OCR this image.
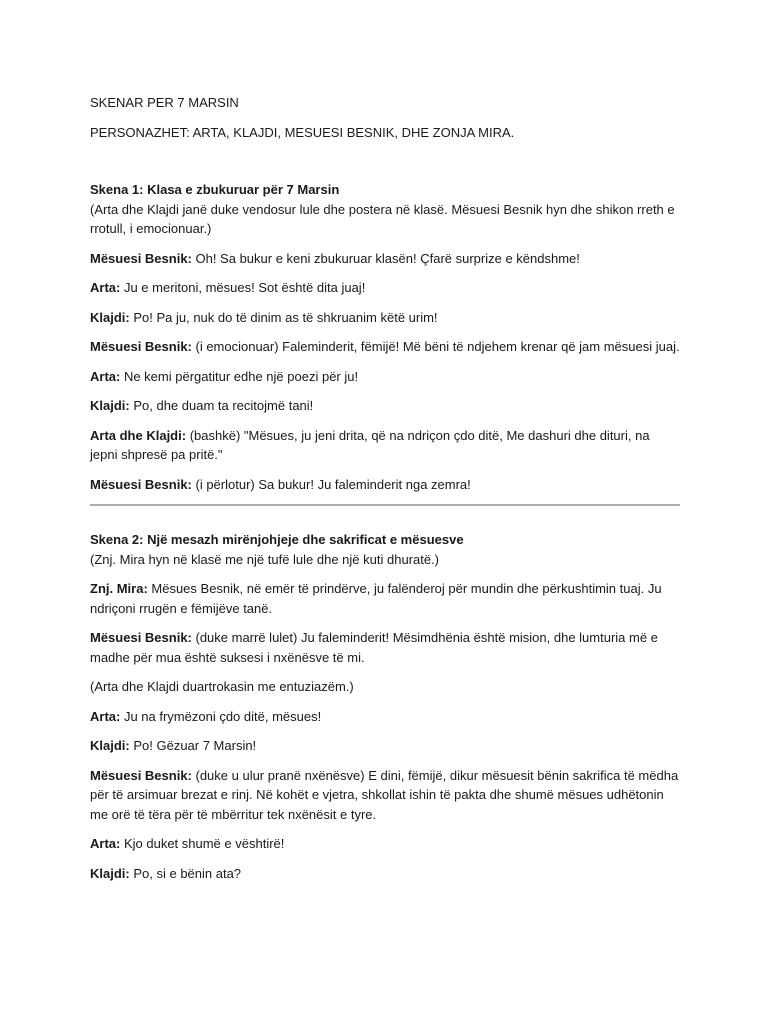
SKENAR PER 7 MARSIN

PERSONAZHET: ARTA, KLAJDI, MESUESI BESNIK, DHE ZONJA MIRA.

Skena 1: Klasa e zbukuruar për 7 Marsin
(Arta dhe Klajdi janë duke vendosur lule dhe postera në klasë. Mësuesi Besnik hyn dhe shikon rreth e rrotull, i emocionuar.)

Mësuesi Besnik: Oh! Sa bukur e keni zbukuruar klasën! Çfarë surprize e këndshme!

Arta: Ju e meritoni, mësues! Sot është dita juaj!

Klajdi: Po! Pa ju, nuk do të dinim as të shkruanim këtë urim!

Mësuesi Besnik: (i emocionuar) Faleminderit, fëmijë! Më bëni të ndjehem krenar që jam mësuesi juaj.

Arta: Ne kemi përgatitur edhe një poezi për ju!

Klajdi: Po, dhe duam ta recitojmë tani!

Arta dhe Klajdi: (bashkë) "Mësues, ju jeni drita, që na ndriçon çdo ditë, Me dashuri dhe dituri, na jepni shpresë pa pritë."

Mësuesi Besnik: (i përlotur) Sa bukur! Ju faleminderit nga zemra!

Skena 2: Një mesazh mirënjohjeje dhe sakrificat e mësuesve
(Znj. Mira hyn në klasë me një tufë lule dhe një kuti dhuratë.)

Znj. Mira: Mësues Besnik, në emër të prindërve, ju falënderoj për mundin dhe përkushtimin tuaj. Ju ndriçoni rrugën e fëmijëve tanë.

Mësuesi Besnik: (duke marrë lulet) Ju faleminderit! Mësimdhënia është mision, dhe lumturia më e madhe për mua është suksesi i nxënësve të mi.

(Arta dhe Klajdi duartrokasin me entuziazëm.)

Arta: Ju na frymëzoni çdo ditë, mësues!

Klajdi: Po! Gëzuar 7 Marsin!

Mësuesi Besnik: (duke u ulur pranë nxënësve) E dini, fëmijë, dikur mësuesit bënin sakrifica të mëdha për të arsimuar brezat e rinj. Në kohët e vjetra, shkollat ishin të pakta dhe shumë mësues udhëtonin me orë të tëra për të mbërritur tek nxënësit e tyre.

Arta: Kjo duket shumë e vështirë!

Klajdi: Po, si e bënin ata?
